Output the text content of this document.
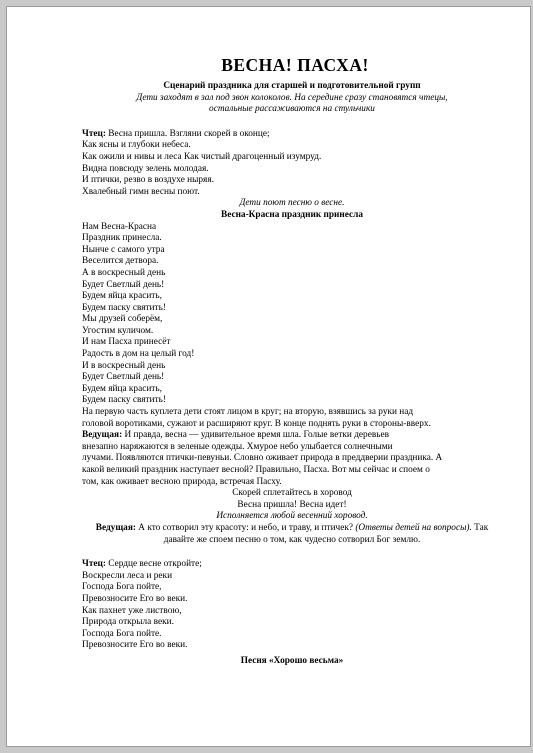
ВЕСНА! ПАСХА!
Сценарий праздника для старшей и подготовительной групп
Дети заходят в зал под звон колоколов. На середине сразу становятся чтецы,
остальные рассаживаются на стульчики
Чтец: Весна пришла. Взгляни скорей в оконце;
Как ясны и глубоки небеса.
Как ожили и нивы и леса Как чистый драгоценный изумруд.
Видна повсюду зелень молодая.
И птички, резво в воздухе ныряя.
Хвалебный гимн весны поют.
Дети поют песню о весне.
Весна-Красна праздник принесла
Нам Весна-Красна
Праздник принесла.
Нынче с самого утра
Веселится детвора.
А в воскресный день
Будет Светлый день!
Будем яйца красить,
Будем паску святить!
Мы друзей соберём,
Угостим куличом.
И нам Пасха принесёт
Радость в дом на целый год!
И в воскресный день
Будет Светлый день!
Будем яйца красить,
Будем паску святить!
На первую часть куплета дети стоят лицом в круг; на вторую, взявшись за руки над
головой воротиками, сужают и расширяют круг. В конце поднять руки в стороны-вверх.
Ведущая: И правда, весна — удивительное время шла. Голые ветки деревьев
внезапно наряжаются в зеленые одежды. Хмурое небо улыбается солнечными
лучами. Появляются птички-певуньи. Словно оживает природа в преддверии праздника. А
какой великий праздник наступает весной? Правильно, Пасха. Вот мы сейчас и споем о
том, как оживает весною природа, встречая Пасху.
Скорей сплетайтесь в хоровод
Весна пришла! Весна идет!
Исполняется любой весенний хоровод.
Ведущая: А кто сотворил эту красоту: и небо, и траву, и птичек? (Ответы детей на вопросы). Так давайте же споем песню о том, как чудесно сотворил Бог землю.
Чтец: Сердце весне откройте;
Воскресли леса и реки
Господа Бога пойте,
Превозносите Его во веки.
Как пахнет уже листвою,
Природа открыла веки.
Господа Бога пойте.
Превозносите Его во веки.
Песня «Хорошо весьма»
